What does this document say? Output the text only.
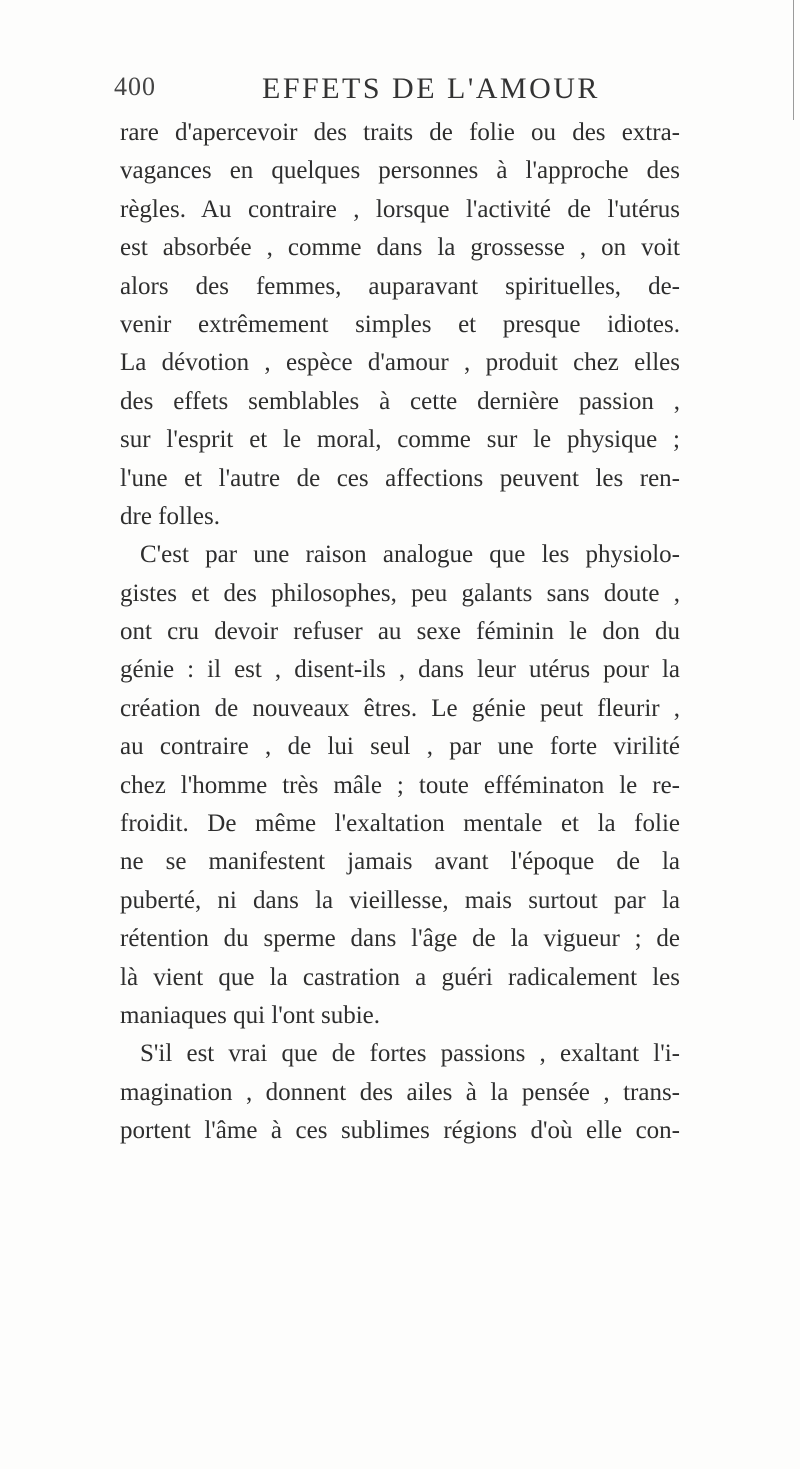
400	EFFETS DE L'AMOUR
rare d'apercevoir des traits de folie ou des extra-
vagances en quelques personnes à l'approche des
règles. Au contraire , lorsque l'activité de l'utérus
est absorbée , comme dans la grossesse , on voit
alors des femmes, auparavant spirituelles, de-
venir extrêmement simples et presque idiotes.
La dévotion , espèce d'amour , produit chez elles
des effets semblables à cette dernière passion ,
sur l'esprit et le moral, comme sur le physique ;
l'une et l'autre de ces affections peuvent les ren-
dre folles.
C'est par une raison analogue que les physiolo-
gistes et des philosophes, peu galants sans doute ,
ont cru devoir refuser au sexe féminin le don du
génie : il est , disent-ils , dans leur utérus pour la
création de nouveaux êtres. Le génie peut fleurir ,
au contraire , de lui seul , par une forte virilité
chez l'homme très mâle ; toute efféminaton le re-
froidit. De même l'exaltation mentale et la folie
ne se manifestent jamais avant l'époque de la
puberté, ni dans la vieillesse, mais surtout par la
rétention du sperme dans l'âge de la vigueur ; de
là vient que la castration a guéri radicalement les
maniaques qui l'ont subie.
S'il est vrai que de fortes passions , exaltant l'i-
magination , donnent des ailes à la pensée , trans-
portent l'âme à ces sublimes régions d'où elle con-
